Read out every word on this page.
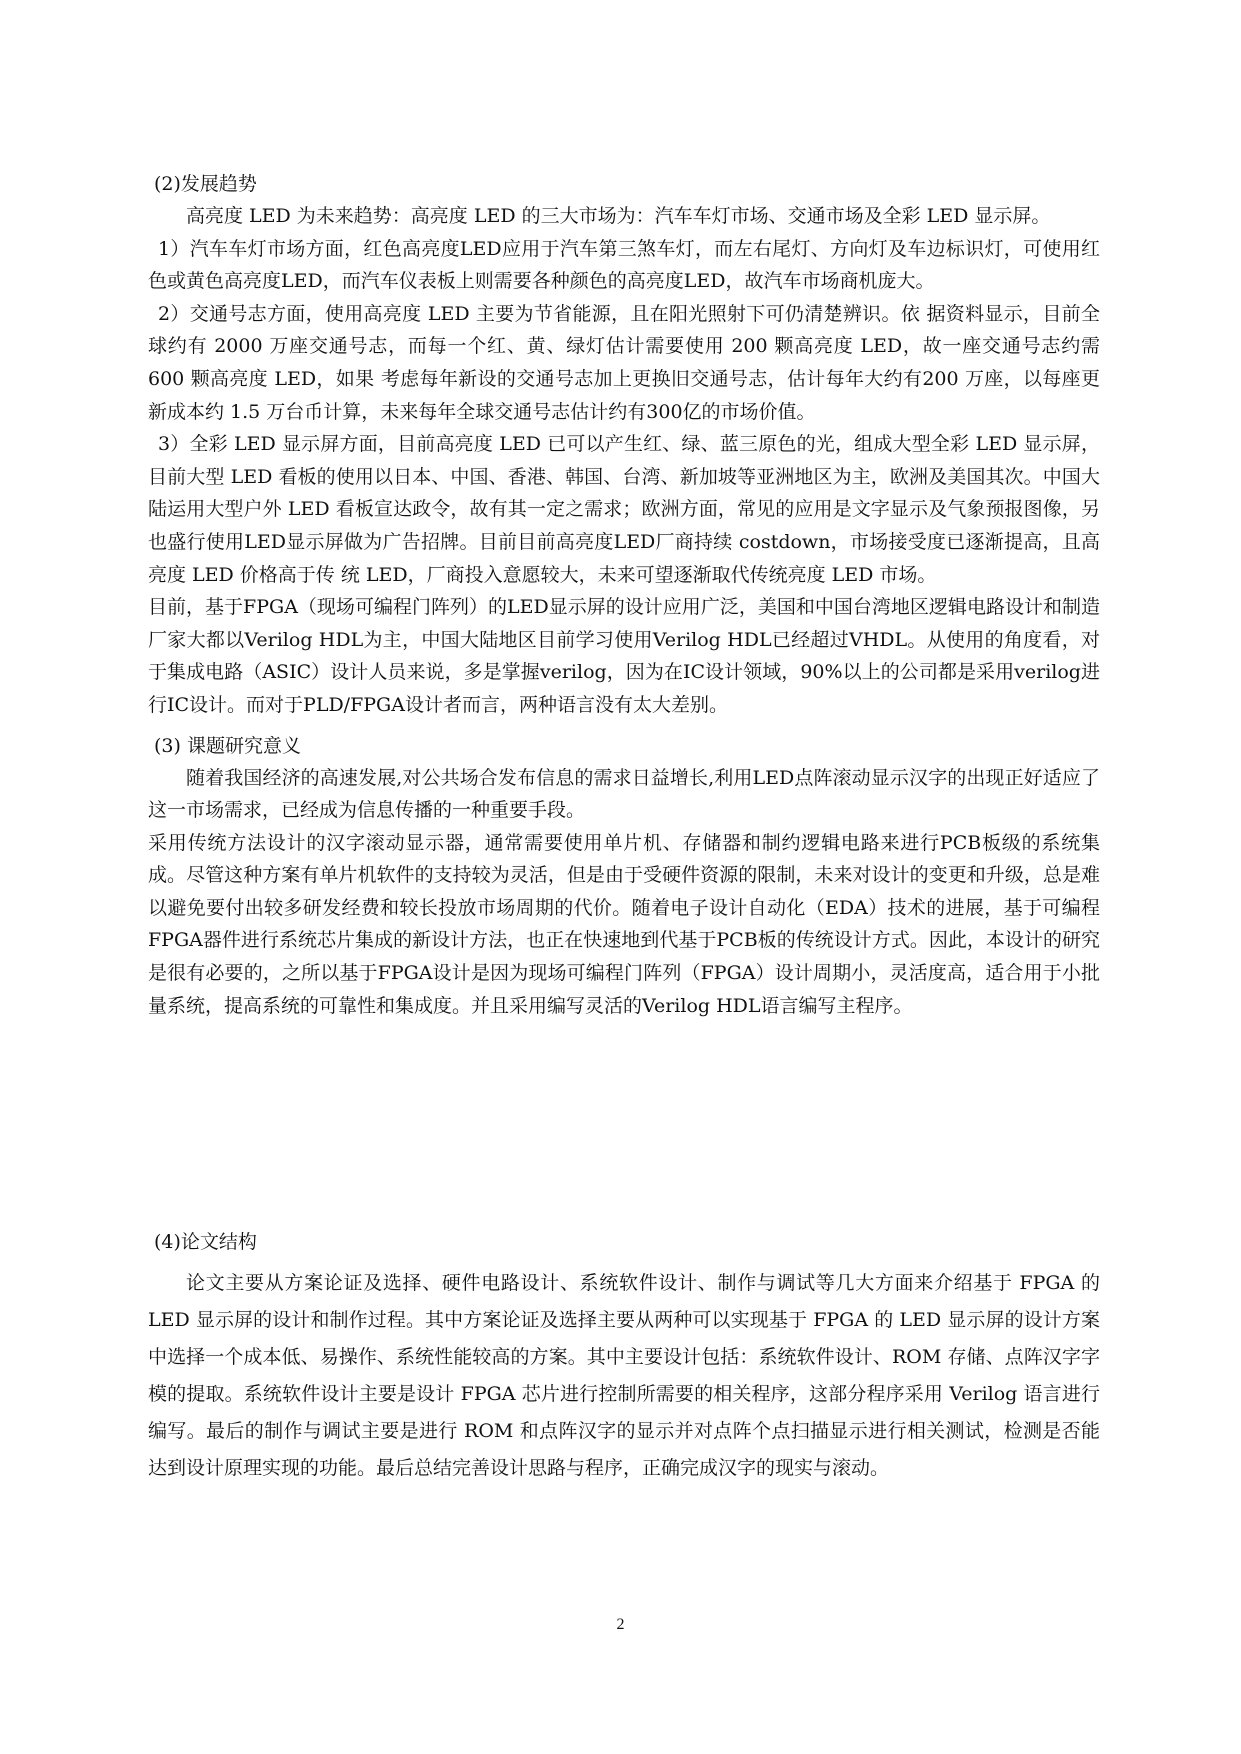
(2)发展趋势

高亮度 LED 为未来趋势：高亮度 LED 的三大市场为：汽车车灯市场、交通市场及全彩 LED 显示屏。

1）汽车车灯市场方面，红色高亮度LED应用于汽车第三煞车灯，而左右尾灯、方向灯及车边标识灯，可使用红色或黄色高亮度LED，而汽车仪表板上则需要各种颜色的高亮度LED，故汽车市场商机庞大。

2）交通号志方面，使用高亮度 LED 主要为节省能源，且在阳光照射下可仍清楚辨识。依 据资料显示，目前全球约有 2000 万座交通号志，而每一个红、黄、绿灯估计需要使用 200 颗高亮度 LED，故一座交通号志约需 600 颗高亮度 LED，如果 考虑每年新设的交通号志加上更换旧交通号志，估计每年大约有200 万座，以每座更新成本约 1.5 万台币计算，未来每年全球交通号志估计约有300亿的市场价值。

3）全彩 LED 显示屏方面，目前高亮度 LED 已可以产生红、绿、蓝三原色的光，组成大型全彩 LED 显示屏，目前大型 LED 看板的使用以日本、中国、香港、韩国、台湾、新加坡等亚洲地区为主，欧洲及美国其次。中国大陆运用大型户外 LED 看板宣达政令，故有其一定之需求；欧洲方面，常见的应用是文字显示及气象预报图像，另也盛行使用LED显示屏做为广告招牌。目前目前高亮度LED厂商持续 costdown，市场接受度已逐渐提高，且高亮度 LED 价格高于传 统 LED，厂商投入意愿较大，未来可望逐渐取代传统亮度 LED 市场。

目前，基于FPGA（现场可编程门阵列）的LED显示屏的设计应用广泛，美国和中国台湾地区逻辑电路设计和制造厂家大都以Verilog HDL为主，中国大陆地区目前学习使用Verilog HDL已经超过VHDL。从使用的角度看，对于集成电路（ASIC）设计人员来说，多是掌握verilog，因为在IC设计领域，90%以上的公司都是采用verilog进行IC设计。而对于PLD/FPGA设计者而言，两种语言没有太大差别。

(3) 课题研究意义

随着我国经济的高速发展,对公共场合发布信息的需求日益增长,利用LED点阵滚动显示汉字的出现正好适应了这一市场需求，已经成为信息传播的一种重要手段。

采用传统方法设计的汉字滚动显示器，通常需要使用单片机、存储器和制约逻辑电路来进行PCB板级的系统集成。尽管这种方案有单片机软件的支持较为灵活，但是由于受硬件资源的限制，未来对设计的变更和升级，总是难以避免要付出较多研发经费和较长投放市场周期的代价。随着电子设计自动化（EDA）技术的进展，基于可编程FPGA器件进行系统芯片集成的新设计方法，也正在快速地到代基于PCB板的传统设计方式。因此，本设计的研究是很有必要的，之所以基于FPGA设计是因为现场可编程门阵列（FPGA）设计周期小，灵活度高，适合用于小批量系统，提高系统的可靠性和集成度。并且采用编写灵活的Verilog HDL语言编写主程序。

(4)论文结构

论文主要从方案论证及选择、硬件电路设计、系统软件设计、制作与调试等几大方面来介绍基于 FPGA 的 LED 显示屏的设计和制作过程。其中方案论证及选择主要从两种可以实现基于 FPGA 的 LED 显示屏的设计方案中选择一个成本低、易操作、系统性能较高的方案。其中主要设计包括：系统软件设计、ROM 存储、点阵汉字字模的提取。系统软件设计主要是设计 FPGA 芯片进行控制所需要的相关程序，这部分程序采用 Verilog 语言进行编写。最后的制作与调试主要是进行 ROM 和点阵汉字的显示并对点阵个点扫描显示进行相关测试，检测是否能达到设计原理实现的功能。最后总结完善设计思路与程序，正确完成汉字的现实与滚动。

2
